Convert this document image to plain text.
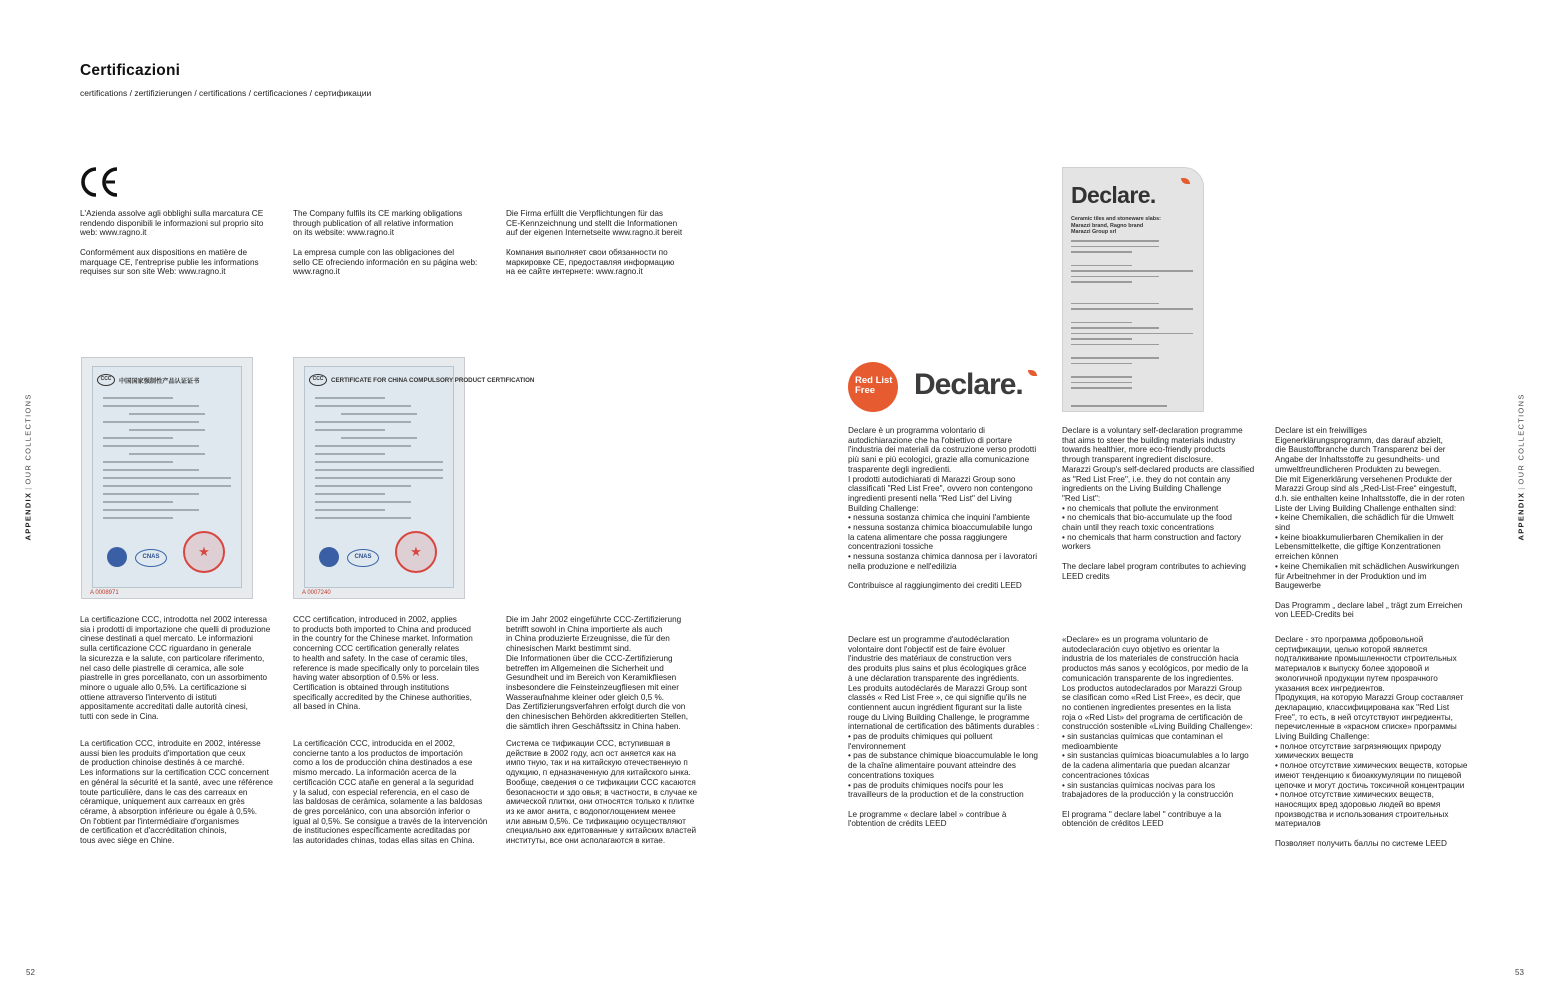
Certificazioni
certifications / zertifizierungen / certifications / certificaciones / сертификации
APPENDIX|OUR COLLECTIONS
APPENDIX|OUR COLLECTIONS
52	53
L'Azienda assolve agli obblighi sulla marcatura CE
rendendo disponibili le informazioni sul proprio sito
web: www.ragno.it
Conformément aux dispositions en matière de
marquage CE, l'entreprise publie les informations
requises sur son site Web: www.ragno.it
The Company fulfils its CE marking obligations
through publication of all relative information
on its website: www.ragno.it
La empresa cumple con las obligaciones del
sello CE ofreciendo información en su página web:
www.ragno.it
Die Firma erfüllt die Verpflichtungen für das
CE-Kennzeichnung und stellt die Informationen
auf der eigenen Internetseite www.ragno.it bereit
Компания выполняет свои обязанности по
маркировке CE, предоставляя информацию
на ее сайте интернете: www.ragno.it
CCC	中国国家强制性产品认证证书
CNAS
★
A 0008971
CCC	CERTIFICATE FOR CHINA COMPULSORY PRODUCT CERTIFICATION
CNAS
★
A 0007240
La certificazione CCC, introdotta nel 2002 interessa
sia i prodotti di importazione che quelli di produzione
cinese destinati a quel mercato. Le informazioni
sulla certificazione CCC riguardano in generale
la sicurezza e la salute, con particolare riferimento,
nel caso delle piastrelle di ceramica, alle sole
piastrelle in gres porcellanato, con un assorbimento
minore o uguale allo 0,5%. La certificazione si
ottiene attraverso l'intervento di istituti
appositamente accreditati dalle autorità cinesi,
tutti con sede in Cina.
La certification CCC, introduite en 2002, intéresse
aussi bien les produits d'importation que ceux
de production chinoise destinés à ce marché.
Les informations sur la certification CCC concernent
en général la sécurité et la santé, avec une référence
toute particulière, dans le cas des carreaux en
céramique, uniquement aux carreaux en grès
cérame, à absorption inférieure ou égale à 0,5%.
On l'obtient par l'intermédiaire d'organismes
de certification et d'accréditation chinois,
tous avec siège en Chine.
CCC certification, introduced in 2002, applies
to products both imported to China and produced
in the country for the Chinese market. Information
concerning CCC certification generally relates
to health and safety. In the case of ceramic tiles,
reference is made specifically only to porcelain tiles
having water absorption of 0.5% or less.
Certification is obtained through institutions
specifically accredited by the Chinese authorities,
all based in China.
La certificación CCC, introducida en el 2002,
concierne tanto a los productos de importación
como a los de producción china destinados a ese
mismo mercado. La información acerca de la
certificación CCC atañe en general a la seguridad
y la salud, con especial referencia, en el caso de
las baldosas de cerámica, solamente a las baldosas
de gres porcelánico, con una absorción inferior o
igual al 0,5%. Se consigue a través de la intervención
de instituciones específicamente acreditadas por
las autoridades chinas, todas ellas sitas en China.
Die im Jahr 2002 eingeführte CCC-Zertifizierung
betrifft sowohl in China importierte als auch
in China produzierte Erzeugnisse, die für den
chinesischen Markt bestimmt sind.
Die Informationen über die CCC-Zertifizierung
betreffen im Allgemeinen die Sicherheit und
Gesundheit und im Bereich von Keramikfliesen
insbesondere die Feinsteinzeugfliesen mit einer
Wasseraufnahme kleiner oder gleich 0,5 %.
Das Zertifizierungsverfahren erfolgt durch die von
den chinesischen Behörden akkreditierten Stellen,
die sämtlich ihren Geschäftssitz in China haben.
Система се тификации CCC, вступившая в
действие в 2002 году, асп ост аняется как на
импо тную, так и на китайскую отечественную п
одукцию, п едназначенную для китайского ынка.
Вообще, сведения о се тификации CCC касаются
безопасности и здо овья; в частности, в случае ке
амической плитки, они относятся только к плитке
из ке амог анита, с водопоглощением менее
или авным 0,5%. Се тификацию осуществляют
специально акк едитованные у китайских властей
институты, все они асполагаются в китае.
Red List
Free	Declare.
Declare.
Ceramic tiles and stoneware slabs:
Marazzi brand, Ragno brand
Marazzi Group srl
Declare è un programma volontario di
autodichiarazione che ha l'obiettivo di portare
l'industria dei materiali da costruzione verso prodotti
più sani e più ecologici, grazie alla comunicazione
trasparente degli ingredienti.
I prodotti autodichiarati di Marazzi Group sono
classificati "Red List Free", ovvero non contengono
ingredienti presenti nella "Red List" del Living
Building Challenge:
• nessuna sostanza chimica che inquini l'ambiente
• nessuna sostanza chimica bioaccumulabile lungo
la catena alimentare che possa raggiungere
concentrazioni tossiche
• nessuna sostanza chimica dannosa per i lavoratori
nella produzione e nell'edilizia

Contribuisce al raggiungimento dei crediti LEED
Declare is a voluntary self-declaration programme
that aims to steer the building materials industry
towards healthier, more eco-friendly products
through transparent ingredient disclosure.
Marazzi Group's self-declared products are classified
as "Red List Free", i.e. they do not contain any
ingredients on the Living Building Challenge
"Red List":
• no chemicals that pollute the environment
• no chemicals that bio-accumulate up the food
chain until they reach toxic concentrations
• no chemicals that harm construction and factory
workers

The declare label program contributes to achieving
LEED credits
Declare ist ein freiwilliges
Eigenerklärungsprogramm, das darauf abzielt,
die Baustoffbranche durch Transparenz bei der
Angabe der Inhaltsstoffe zu gesundheits- und
umweltfreundlicheren Produkten zu bewegen.
Die mit Eigenerklärung versehenen Produkte der
Marazzi Group sind als „Red-List-Free“ eingestuft,
d.h. sie enthalten keine Inhaltsstoffe, die in der roten
Liste der Living Building Challenge enthalten sind:
• keine Chemikalien, die schädlich für die Umwelt
sind
• keine bioakkumulierbaren Chemikalien in der
Lebensmittelkette, die giftige Konzentrationen
erreichen können
• keine Chemikalien mit schädlichen Auswirkungen
für Arbeitnehmer in der Produktion und im
Baugewerbe

Das Programm „ declare label „ trägt zum Erreichen
von LEED-Credits bei
Declare est un programme d'autodéclaration
volontaire dont l'objectif est de faire évoluer
l'industrie des matériaux de construction vers
des produits plus sains et plus écologiques grâce
à une déclaration transparente des ingrédients.
Les produits autodéclarés de Marazzi Group sont
classés « Red List Free », ce qui signifie qu'ils ne
contiennent aucun ingrédient figurant sur la liste
rouge du Living Building Challenge, le programme
international de certification des bâtiments durables :
• pas de produits chimiques qui polluent
l'environnement
• pas de substance chimique bioaccumulable le long
de la chaîne alimentaire pouvant atteindre des
concentrations toxiques
• pas de produits chimiques nocifs pour les
travailleurs de la production et de la construction

Le programme « declare label » contribue à
l'obtention de crédits LEED
«Declare» es un programa voluntario de
autodeclaración cuyo objetivo es orientar la
industria de los materiales de construcción hacia
productos más sanos y ecológicos, por medio de la
comunicación transparente de los ingredientes.
Los productos autodeclarados por Marazzi Group
se clasifican como «Red List Free», es decir, que
no contienen ingredientes presentes en la lista
roja o «Red List» del programa de certificación de
construcción sostenible «Living Building Challenge»:
• sin sustancias químicas que contaminan el
medioambiente
• sin sustancias químicas bioacumulables a lo largo
de la cadena alimentaria que puedan alcanzar
concentraciones tóxicas
• sin sustancias químicas nocivas para los
trabajadores de la producción y la construcción

El programa " declare label " contribuye a la
obtención de créditos LEED
Declare - это программа добровольной
сертификации, целью которой является
подталкивание промышленности строительных
материалов к выпуску более здоровой и
экологичной продукции путем прозрачного
указания всех ингредиентов.
Продукция, на которую Marazzi Group составляет
декларацию, классифицирована как "Red List
Free", то есть, в ней отсутствуют ингредиенты,
перечисленные в «красном списке» программы
Living Building Challenge:
• полное отсутствие загрязняющих природу
химических веществ
• полное отсутствие химических веществ, которые
имеют тенденцию к биоаккумуляции по пищевой
цепочке и могут достичь токсичной концентрации
• полное отсутствие химических веществ,
наносящих вред здоровью людей во время
производства и использования строительных
материалов

Позволяет получить баллы по системе LEED
